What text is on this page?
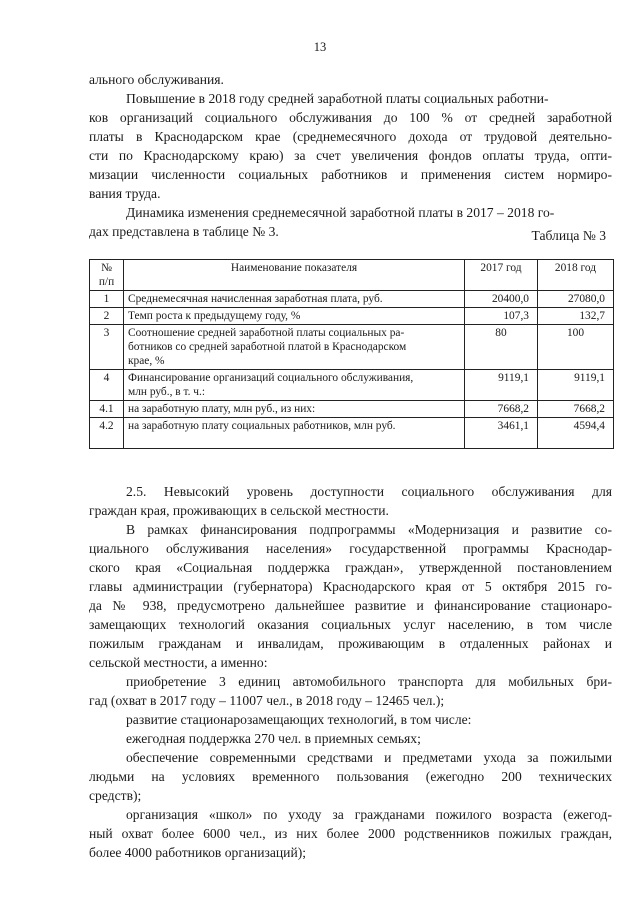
13
ального обслуживания.
Повышение в 2018 году средней заработной платы социальных работни-
ков организаций социального обслуживания до 100 % от средней заработной
платы в Краснодарском крае (среднемесячного дохода от трудовой деятельно-
сти по Краснодарскому краю) за счет увеличения фондов оплаты труда, опти-
мизации численности социальных работников и применения систем нормиро-
вания труда.
Динамика изменения среднемесячной заработной платы в 2017 – 2018 го-
дах представлена в таблице № 3.	Таблица № 3
№
п/п	Наименование показателя	2017 год	2018 год
1	Среднемесячная начисленная заработная плата, руб.	20400,0	27080,0
2	Темп роста к предыдущему году, %	107,3	132,7
3	Соотношение средней заработной платы социальных ра-
ботников со средней заработной платой в Краснодарском
крае, %	80	100
4	Финансирование организаций социального обслуживания,
млн руб., в т. ч.:	9119,1	9119,1
4.1	на заработную плату, млн руб., из них:	7668,2	7668,2
4.2	на заработную плату социальных работников, млн руб.	3461,1	4594,4
2.5. Невысокий уровень доступности социального обслуживания для
граждан края, проживающих в сельской местности.
В рамках финансирования подпрограммы «Модернизация и развитие со-
циального обслуживания населения» государственной программы Краснодар-
ского края «Социальная поддержка граждан», утвержденной постановлением
главы администрации (губернатора) Краснодарского края от 5 октября 2015 го-
да № 938, предусмотрено дальнейшее развитие и финансирование стационаро-
замещающих технологий оказания социальных услуг населению, в том числе
пожилым гражданам и инвалидам, проживающим в отдаленных районах и
сельской местности, а именно:
приобретение 3 единиц автомобильного транспорта для мобильных бри-
гад (охват в 2017 году – 11007 чел., в 2018 году – 12465 чел.);
развитие стационарозамещающих технологий, в том числе:
ежегодная поддержка 270 чел. в приемных семьях;
обеспечение современными средствами и предметами ухода за пожилыми
людьми на условиях временного пользования (ежегодно 200 технических
средств);
организация «школ» по уходу за гражданами пожилого возраста (ежегод-
ный охват более 6000 чел., из них более 2000 родственников пожилых граждан,
более 4000 работников организаций);
